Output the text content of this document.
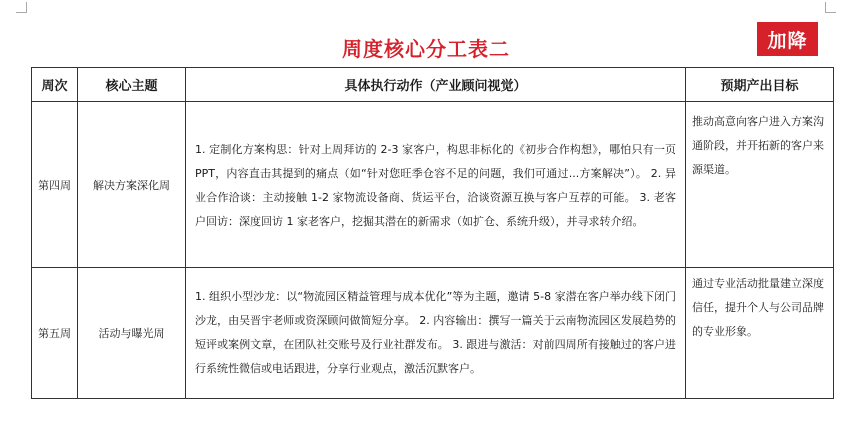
周度核心分工表二	加降
周次	核心主题	具体执行动作（产业顾问视觉）	预期产出目标
第四周	解决方案深化周	1. 定制化方案构思：针对上周拜访的 2-3 家客户，构思非标化的《初步合作构想》，哪怕只有一页 PPT，内容直击其提到的痛点（如“针对您旺季仓容不足的问题，我们可通过...方案解决”）。 2. 异业合作洽谈：主动接触 1-2 家物流设备商、货运平台，洽谈资源互换与客户互荐的可能。 3. 老客户回访：深度回访 1 家老客户，挖掘其潜在的新需求（如扩仓、系统升级），并寻求转介绍。	推动高意向客户进入方案沟通阶段，并开拓新的客户来源渠道。
第五周	活动与曝光周	1. 组织小型沙龙：以“物流园区精益管理与成本优化”等为主题，邀请 5-8 家潜在客户举办线下闭门沙龙，由吴晋宇老师或资深顾问做简短分享。 2. 内容输出：撰写一篇关于云南物流园区发展趋势的短评或案例文章，在团队社交账号及行业社群发布。 3. 跟进与激活：对前四周所有接触过的客户进行系统性微信或电话跟进，分享行业观点，激活沉默客户。	通过专业活动批量建立深度信任，提升个人与公司品牌的专业形象。
